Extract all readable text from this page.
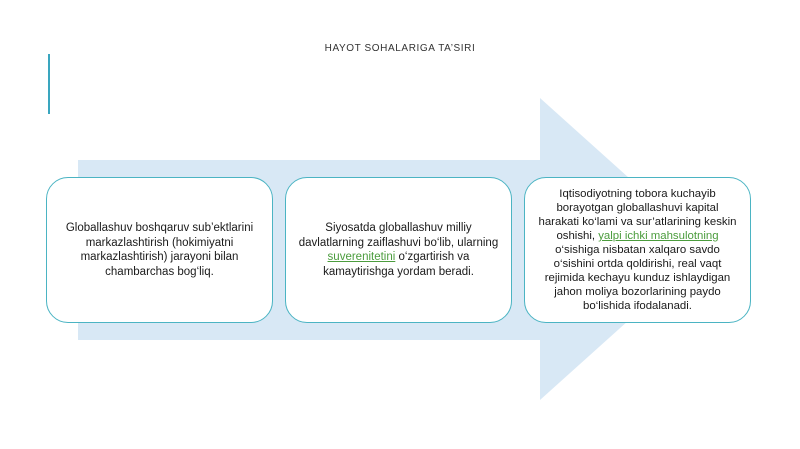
HAYOT SOHALARIGA TA’SIRI
Globallashuv boshqaruv sub’ektlarini markazlashtirish (hokimiyatni markazlashtirish) jarayoni bilan chambarchas bog‘liq.
Siyosatda globallashuv milliy davlatlarning zaiflashuvi bo‘lib, ularning suverenitetini o‘zgartirish va kamaytirishga yordam beradi.
Iqtisodiyotning tobora kuchayib borayotgan globallashuvi kapital harakati ko‘lami va sur’atlarining keskin oshishi, yalpi ichki mahsulotning o‘sishiga nisbatan xalqaro savdo o‘sishini ortda qoldirishi, real vaqt rejimida kechayu kunduz ishlaydigan jahon moliya bozorlarining paydo bo‘lishida ifodalanadi.
